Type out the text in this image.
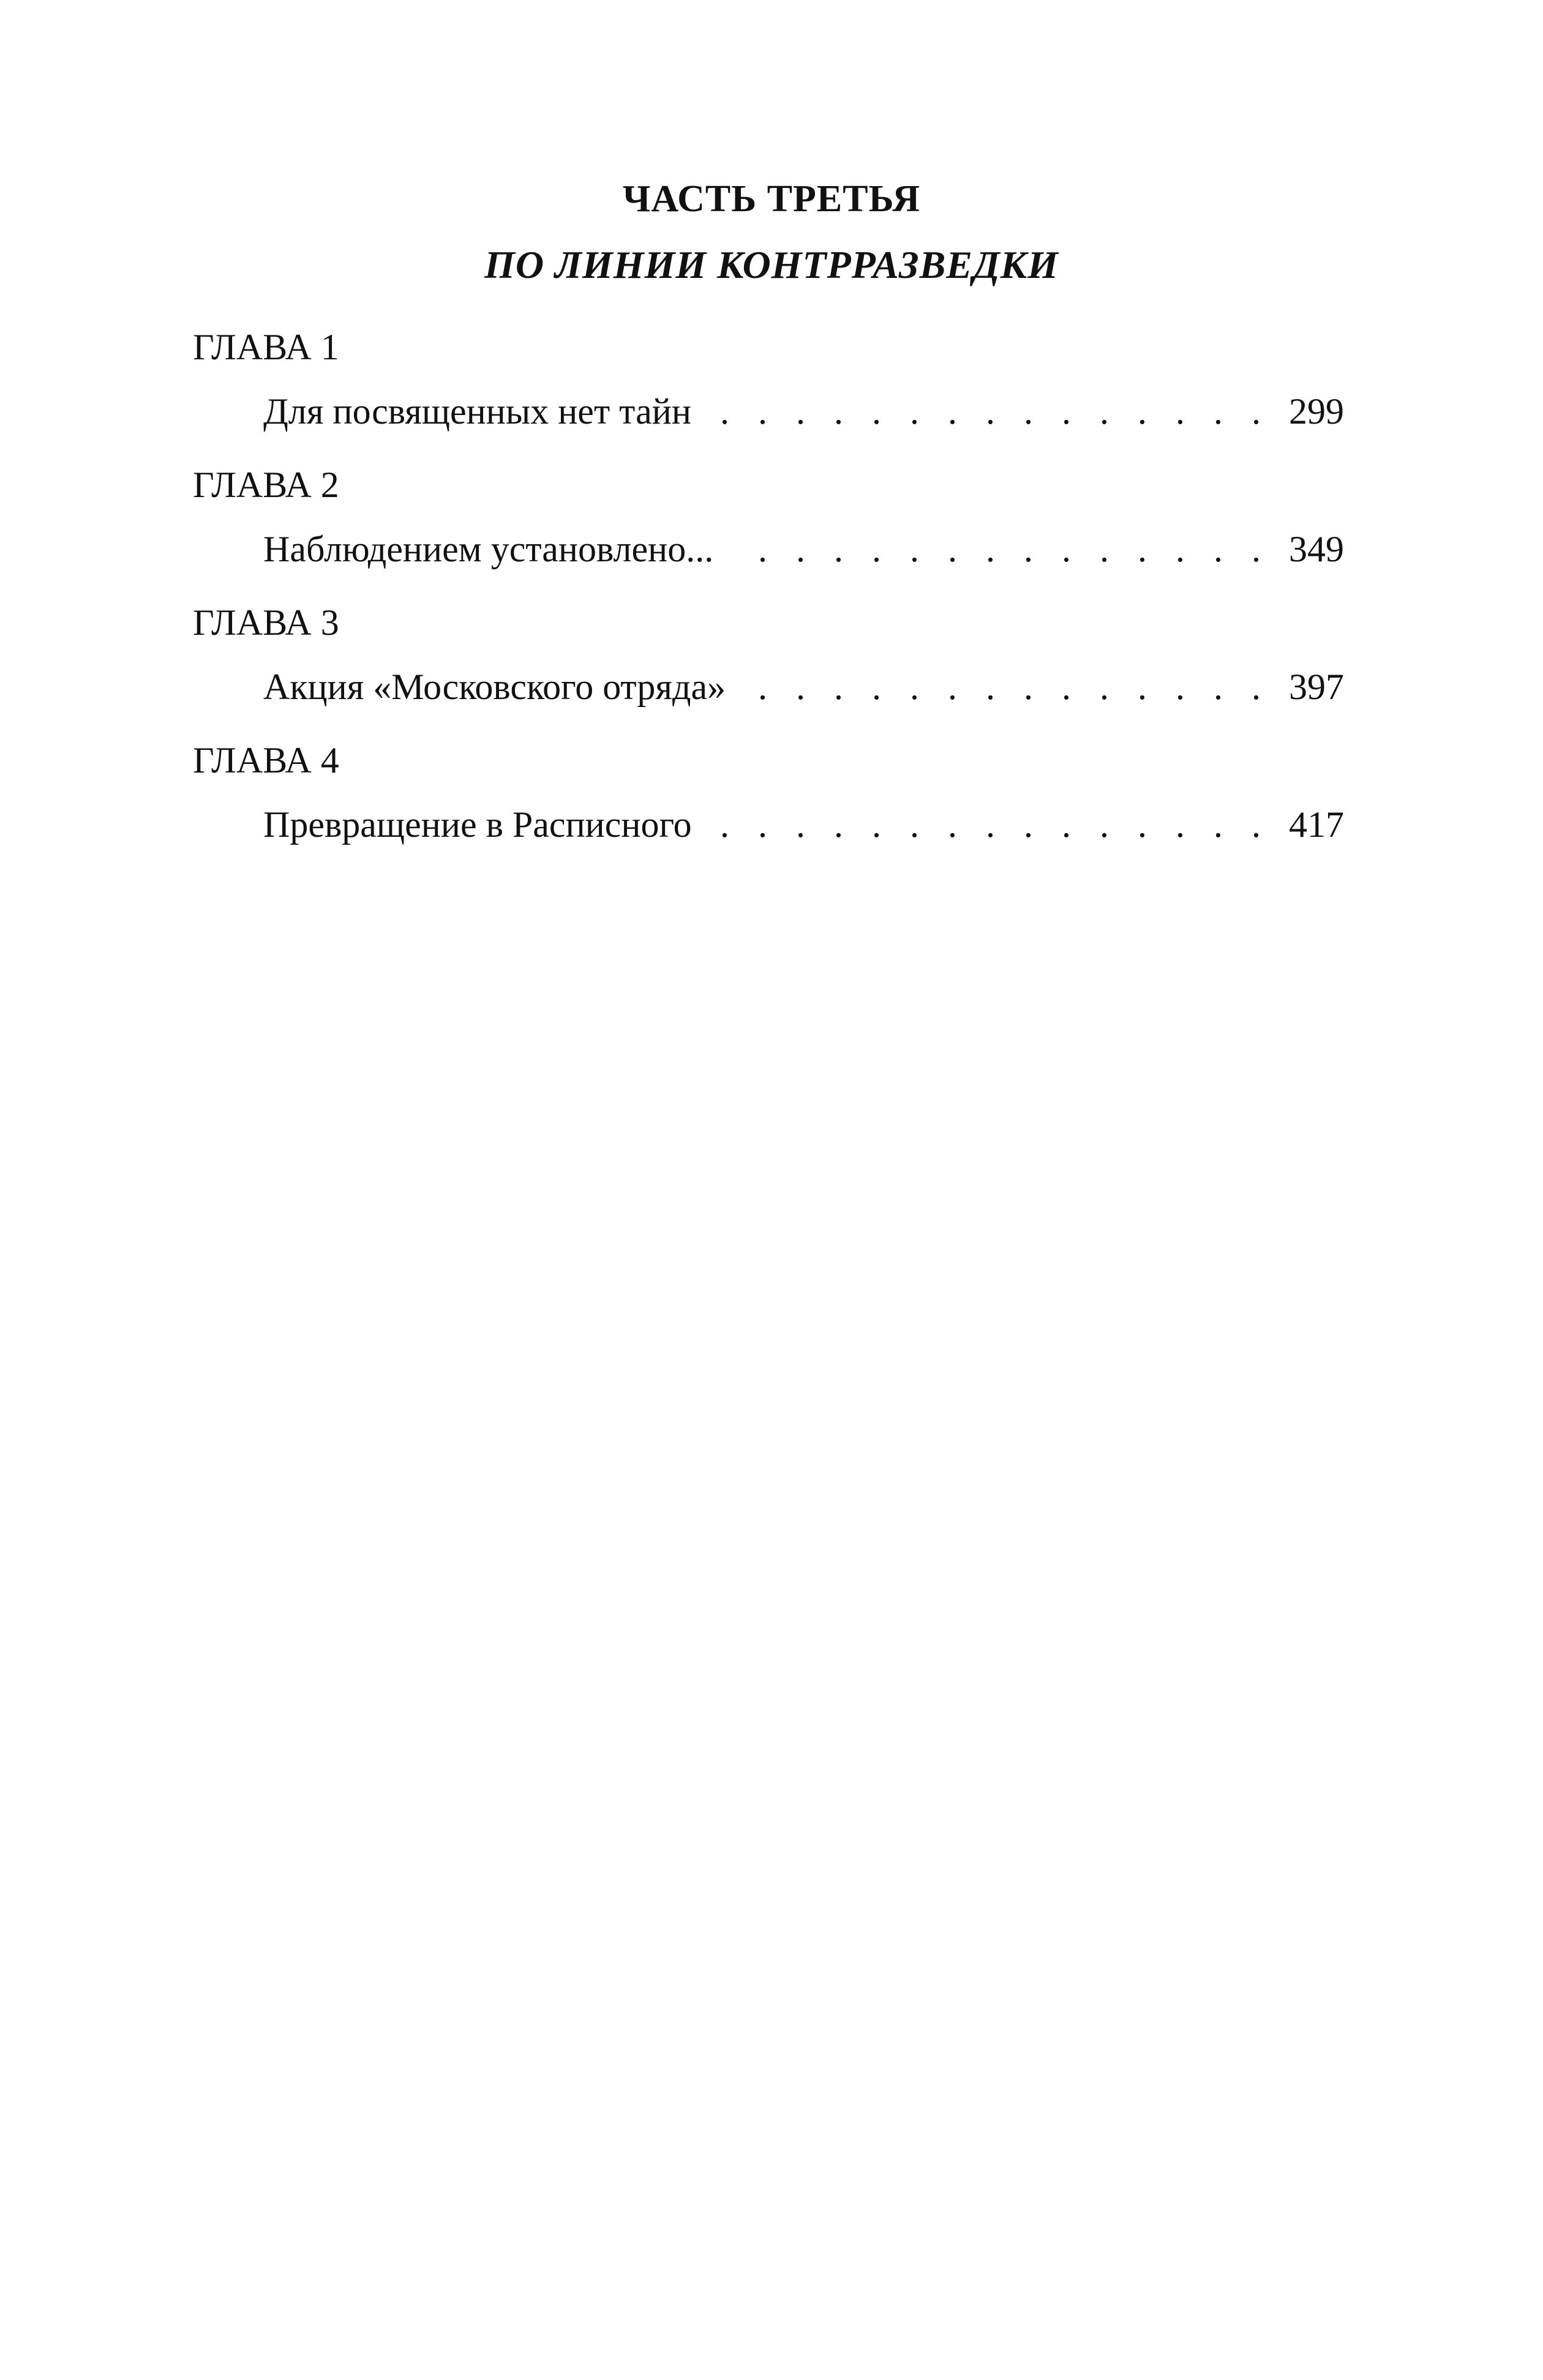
ЧАСТЬ ТРЕТЬЯ
ПО ЛИНИИ КОНТРРАЗВЕДКИ
ГЛАВА 1
Для посвященных нет тайн . . .	299
ГЛАВА 2
Наблюдением установлено... . . .	349
ГЛАВА 3
Акция «Московского отряда» . . .	397
ГЛАВА 4
Превращение в Расписного . . .	417
